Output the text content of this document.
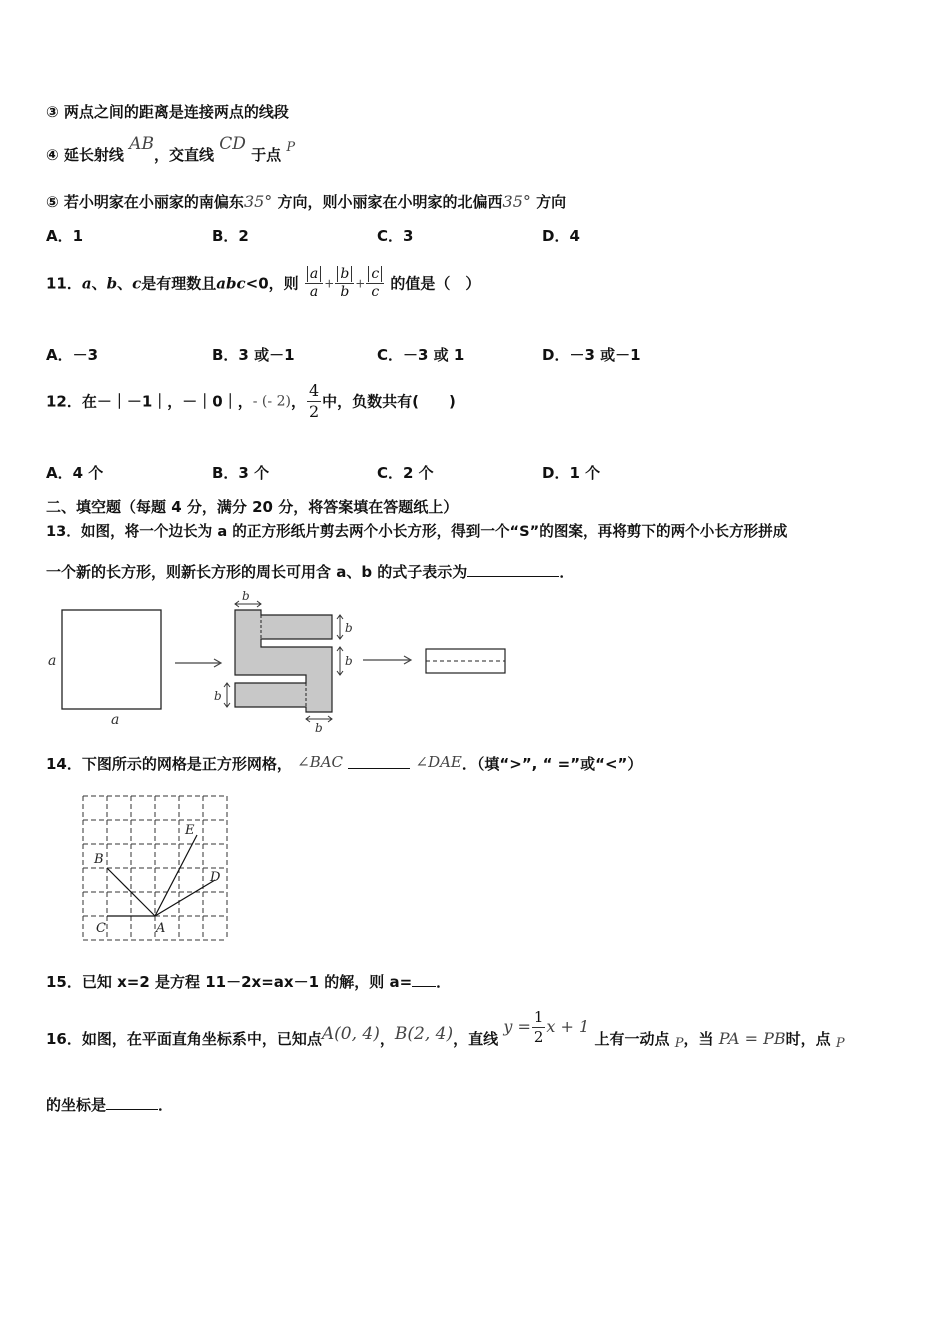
③ 两点之间的距离是连接两点的线段
④ 延长射线 AB，交直线 CD 于点 P
⑤ 若小明家在小丽家的南偏东35° 方向，则小丽家在小明家的北偏西35° 方向
A．1	B．2	C．3	D．4
11．a、b、c是有理数且abc<0，则 $\frac{a}{a} + \frac{b}{b} + \frac{c}{c}$ 的值是（　）
A．－3	B．3 或－1	C．－3 或 1	D．－3 或－1
12．在－｜－1｜，－｜0｜，- (- 2)， $\frac{4}{2}$ 中，负数共有(　　)
A．4 个	B．3 个	C．2 个	D．1 个
二、填空题（每题 4 分，满分 20 分，将答案填在答题纸上）
13．如图，将一个边长为 a 的正方形纸片剪去两个小长方形，得到一个“S”的图案，再将剪下的两个小长方形拼成
一个新的长方形，则新长方形的周长可用含 a、b 的式子表示为	．
a
a
b
b
b
b
b
14．下图所示的网格是正方形网格， ∠BAC	∠DAE．（填“>”, “ =”或“<”）
B
C	A
D
E
15．已知 x=2 是方程 11－2x=ax－1 的解，则 a= ．
16．如图，在平面直角坐标系中，已知点A(0, 4)，B(2, 4)，直线 $y = \frac{1}{2}$ x + 1 上有一动点 P，当 PA = PB时，点 P
的坐标是	．
